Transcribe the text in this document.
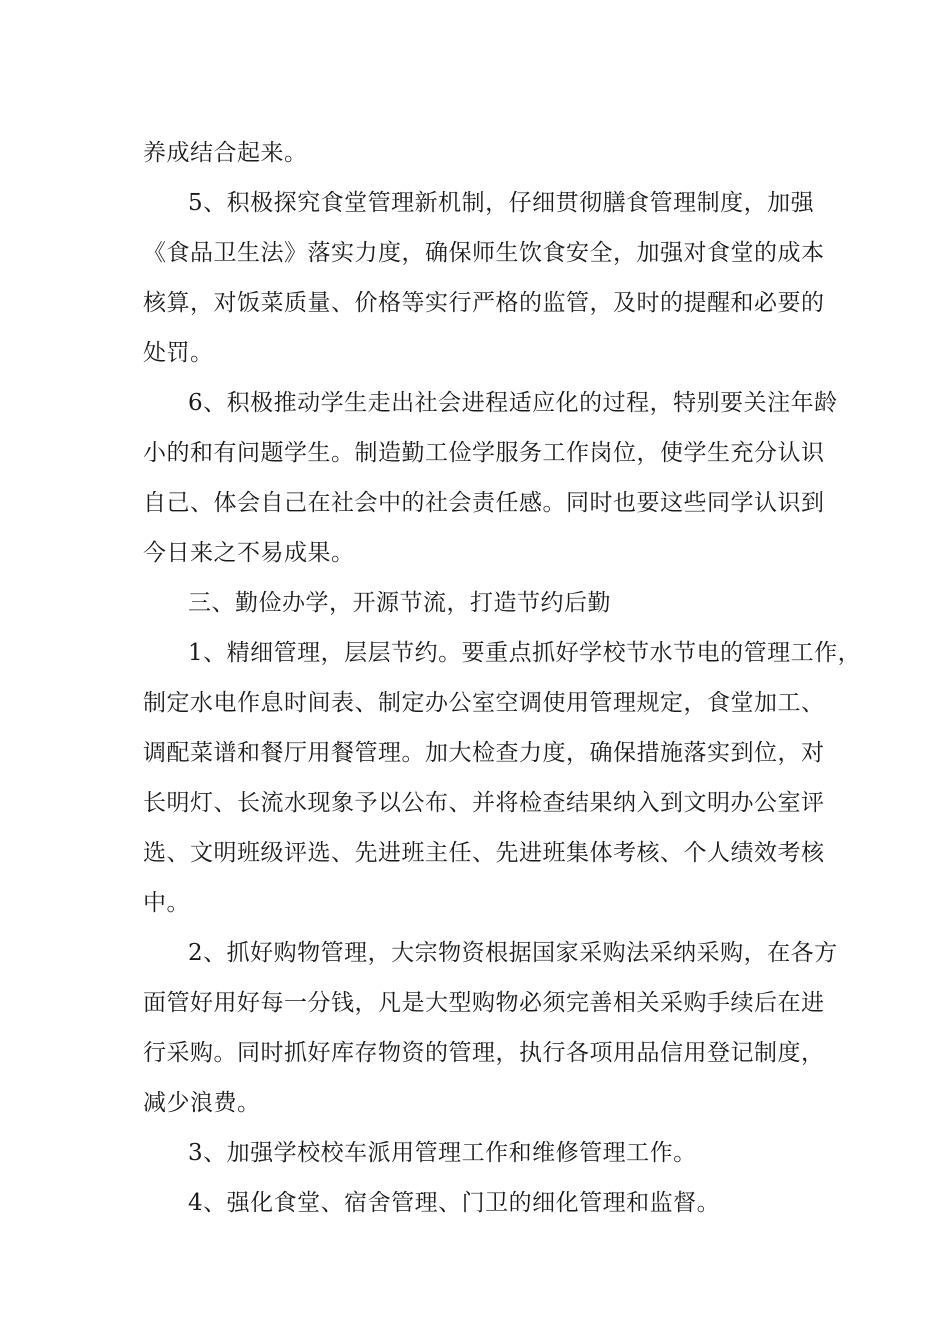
养成结合起来。
5、积极探究食堂管理新机制，仔细贯彻膳食管理制度，加强
《食品卫生法》落实力度，确保师生饮食安全，加强对食堂的成本
核算，对饭菜质量、价格等实行严格的监管，及时的提醒和必要的
处罚。
6、积极推动学生走出社会进程适应化的过程，特别要关注年龄
小的和有问题学生。制造勤工俭学服务工作岗位，使学生充分认识
自己、体会自己在社会中的社会责任感。同时也要这些同学认识到
今日来之不易成果。
三、勤俭办学，开源节流，打造节约后勤
1、精细管理，层层节约。要重点抓好学校节水节电的管理工作，
制定水电作息时间表、制定办公室空调使用管理规定，食堂加工、
调配菜谱和餐厅用餐管理。加大检查力度，确保措施落实到位，对
长明灯、长流水现象予以公布、并将检查结果纳入到文明办公室评
选、文明班级评选、先进班主任、先进班集体考核、个人绩效考核
中。
2、抓好购物管理，大宗物资根据国家采购法采纳采购，在各方
面管好用好每一分钱，凡是大型购物必须完善相关采购手续后在进
行采购。同时抓好库存物资的管理，执行各项用品信用登记制度，
减少浪费。
3、加强学校校车派用管理工作和维修管理工作。
4、强化食堂、宿舍管理、门卫的细化管理和监督。
